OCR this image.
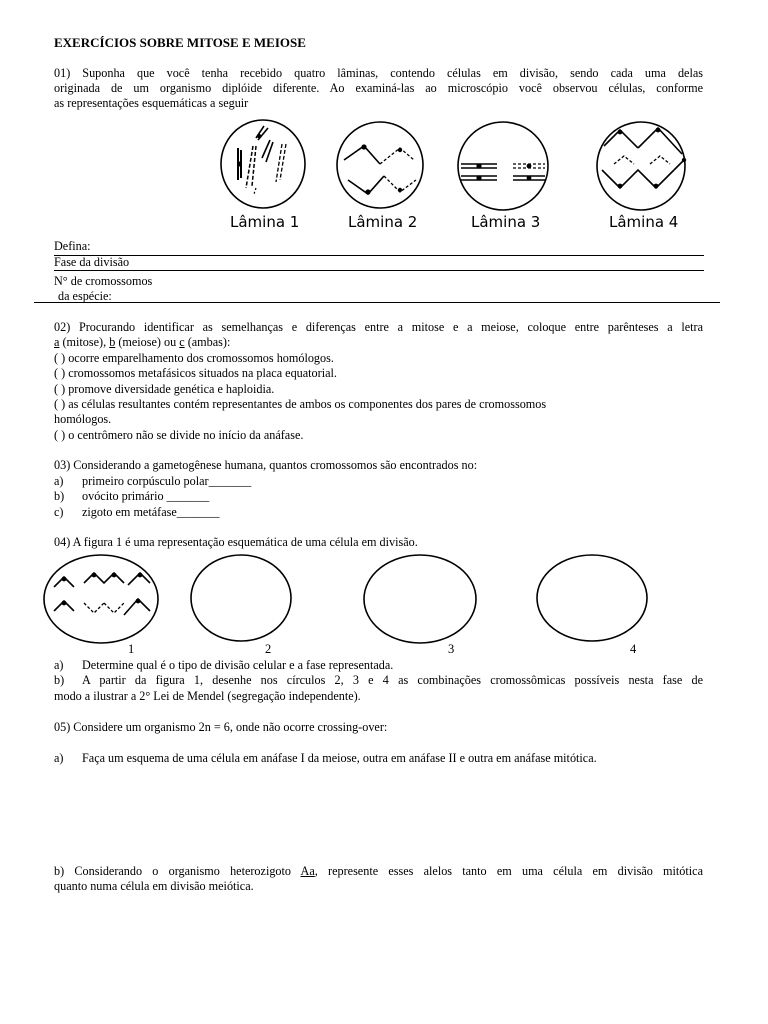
EXERCÍCIOS SOBRE MITOSE E MEIOSE
01) Suponha que você tenha recebido quatro lâminas, contendo células em divisão, sendo cada uma delas
originada de um organismo diplóide diferente. Ao examiná-las ao microscópio você observou células, conforme
as representações esquemáticas a seguir
Lâmina 1	Lâmina 2	Lâmina 3	Lâmina 4
Defina:
Fase da divisão
N° de cromossomos
da espécie:
02) Procurando identificar as semelhanças e diferenças entre a mitose e a meiose, coloque entre parênteses a letra
a (mitose), b (meiose) ou c (ambas):
( ) ocorre emparelhamento dos cromossomos homólogos.
( ) cromossomos metafásicos situados na placa equatorial.
( ) promove diversidade genética e haploidia.
( ) as células resultantes contém representantes de ambos os componentes dos pares de cromossomos
homólogos.
( ) o centrômero não se divide no início da anáfase.
03) Considerando a gametogênese humana, quantos cromossomos são encontrados no:
a) primeiro corpúsculo polar_______
b) ovócito primário _______
c) zigoto em metáfase_______
04) A figura 1 é uma representação esquemática de uma célula em divisão.
1	2	3	4
a) Determine qual é o tipo de divisão celular e a fase representada.
b) A partir da figura 1, desenhe nos círculos 2, 3 e 4 as combinações cromossômicas possíveis nesta fase de
modo a ilustrar a 2° Lei de Mendel (segregação independente).
05) Considere um organismo 2n = 6, onde não ocorre crossing-over:
a) Faça um esquema de uma célula em anáfase I da meiose, outra em anáfase II e outra em anáfase mitótica.
b) Considerando o organismo heterozigoto Aa, represente esses alelos tanto em uma célula em divisão mitótica
quanto numa célula em divisão meiótica.
